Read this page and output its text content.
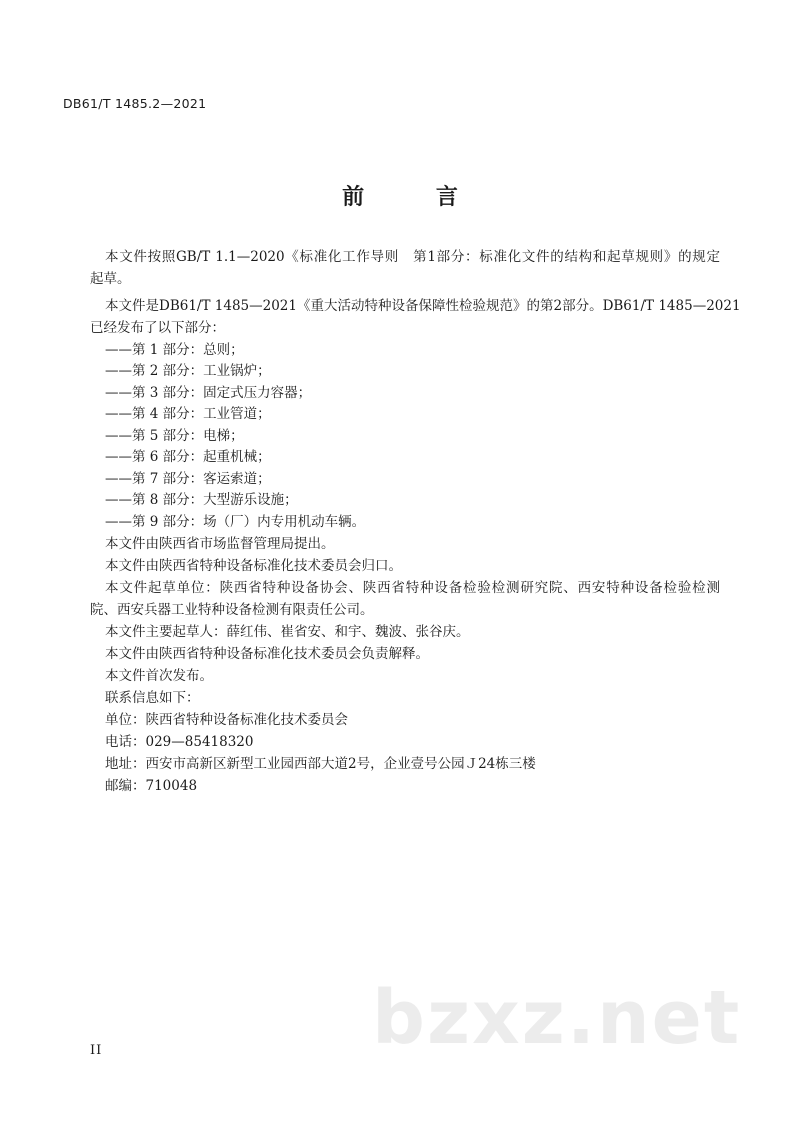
DB61/T 1485.2—2021
前 言
本文件按照GB/T 1.1—2020《标准化工作导则　第1部分：标准化文件的结构和起草规则》的规定
起草。
本文件是DB61/T 1485—2021《重大活动特种设备保障性检验规范》的第2部分。DB61/T 1485—2021
已经发布了以下部分：
——第 1 部分：总则；
——第 2 部分：工业锅炉；
——第 3 部分：固定式压力容器；
——第 4 部分：工业管道；
——第 5 部分：电梯；
——第 6 部分：起重机械；
——第 7 部分：客运索道；
——第 8 部分：大型游乐设施；
——第 9 部分：场（厂）内专用机动车辆。
本文件由陕西省市场监督管理局提出。
本文件由陕西省特种设备标准化技术委员会归口。
本文件起草单位：陕西省特种设备协会、陕西省特种设备检验检测研究院、西安特种设备检验检测
院、西安兵器工业特种设备检测有限责任公司。
本文件主要起草人：薛红伟、崔省安、和宇、魏波、张谷庆。
本文件由陕西省特种设备标准化技术委员会负责解释。
本文件首次发布。
联系信息如下：
单位：陕西省特种设备标准化技术委员会
电话：029—85418320
地址：西安市高新区新型工业园西部大道2号，企业壹号公园Ｊ24栋三楼
邮编：710048
bzxz.net
II
